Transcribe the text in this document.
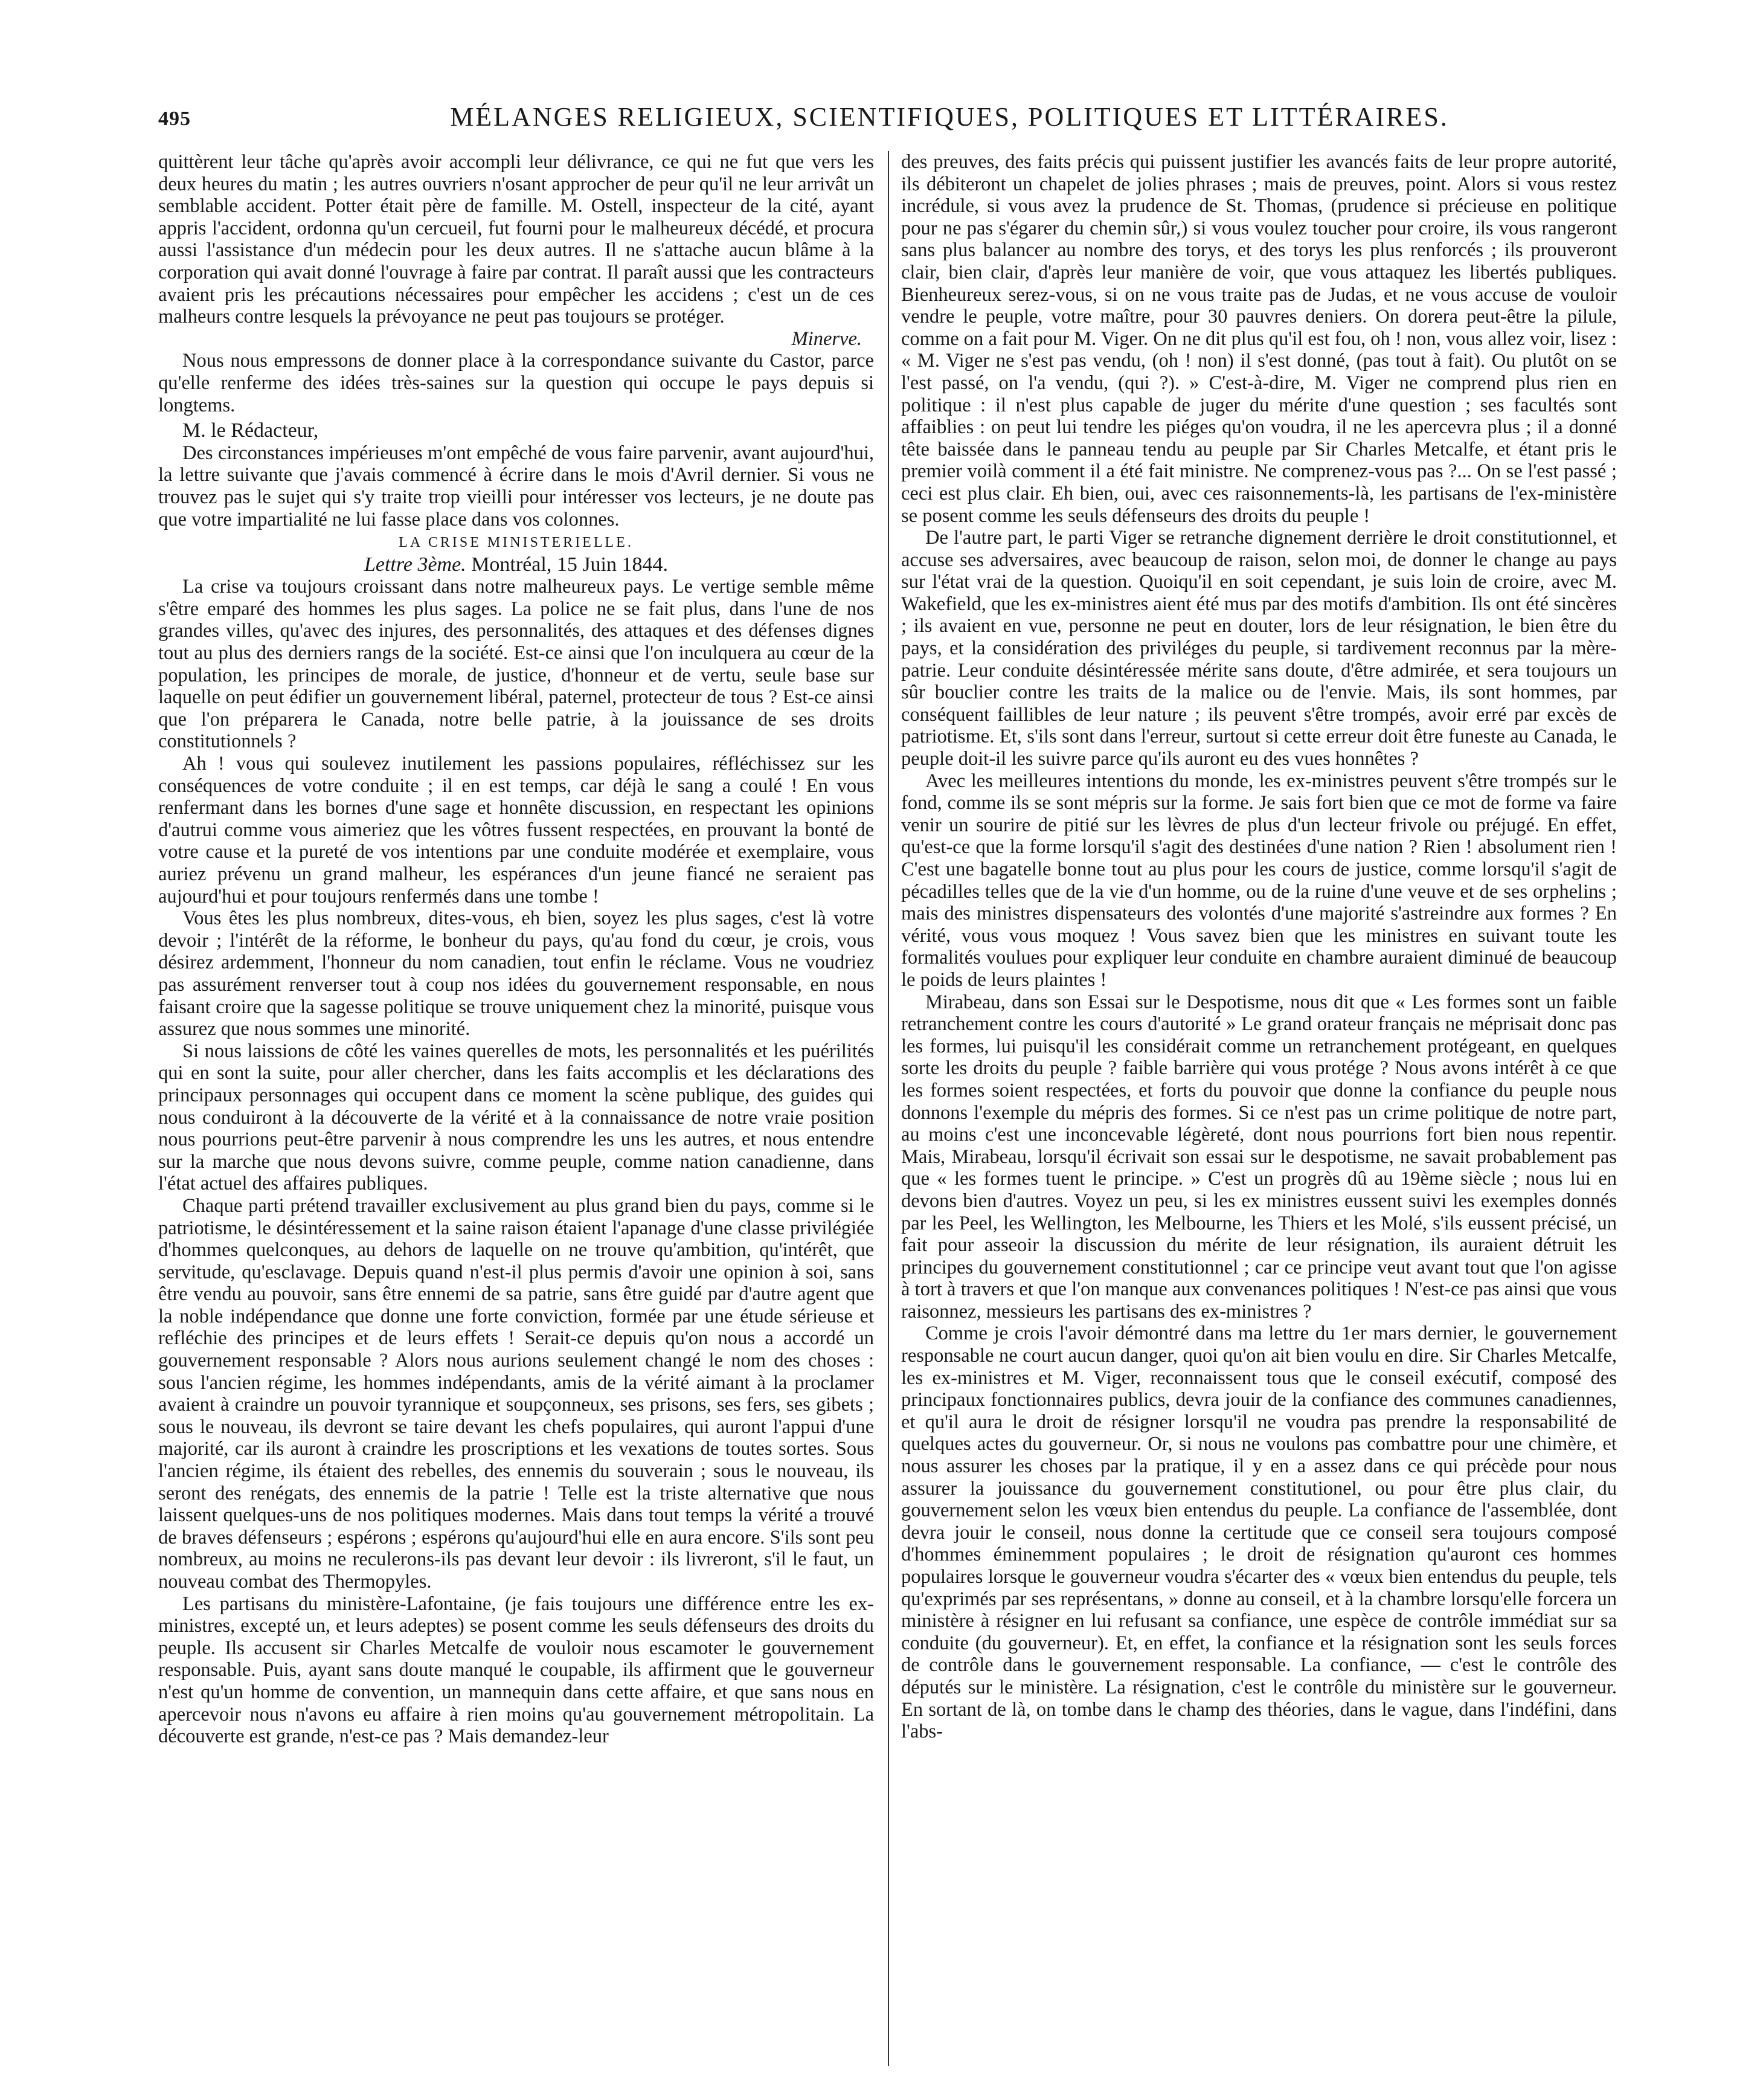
495	MÉLANGES RELIGIEUX, SCIENTIFIQUES, POLITIQUES ET LITTÉRAIRES.

quittèrent leur tâche qu'après avoir accompli leur délivrance, ce qui ne fut que vers les deux heures du matin ; les autres ouvriers n'osant approcher de peur qu'il ne leur arrivât un semblable accident. Potter était père de famille. M. Ostell, inspecteur de la cité, ayant appris l'accident, ordonna qu'un cercueil, fut fourni pour le malheureux décédé, et procura aussi l'assistance d'un médecin pour les deux autres. Il ne s'attache aucun blâme à la corporation qui avait donné l'ouvrage à faire par contrat. Il paraît aussi que les contracteurs avaient pris les précautions nécessaires pour empêcher les accidens ; c'est un de ces malheurs contre lesquels la prévoyance ne peut pas toujours se protéger.

Minerve.

Nous nous empressons de donner place à la correspondance suivante du Castor, parce qu'elle renferme des idées très-saines sur la question qui occupe le pays depuis si longtems.

M. le Rédacteur,

Des circonstances impérieuses m'ont empêché de vous faire parvenir, avant aujourd'hui, la lettre suivante que j'avais commencé à écrire dans le mois d'Avril dernier. Si vous ne trouvez pas le sujet qui s'y traite trop vieilli pour intéresser vos lecteurs, je ne doute pas que votre impartialité ne lui fasse place dans vos colonnes.

LA CRISE MINISTERIELLE.

Lettre 3ème. Montréal, 15 Juin 1844.

La crise va toujours croissant dans notre malheureux pays. Le vertige semble même s'être emparé des hommes les plus sages. La police ne se fait plus, dans l'une de nos grandes villes, qu'avec des injures, des personnalités, des attaques et des défenses dignes tout au plus des derniers rangs de la société. Est-ce ainsi que l'on inculquera au cœur de la population, les principes de morale, de justice, d'honneur et de vertu, seule base sur laquelle on peut édifier un gouvernement libéral, paternel, protecteur de tous ? Est-ce ainsi que l'on préparera le Canada, notre belle patrie, à la jouissance de ses droits constitutionnels ?

Ah ! vous qui soulevez inutilement les passions populaires, réfléchissez sur les conséquences de votre conduite ; il en est temps, car déjà le sang a coulé ! En vous renfermant dans les bornes d'une sage et honnête discussion, en respectant les opinions d'autrui comme vous aimeriez que les vôtres fussent respectées, en prouvant la bonté de votre cause et la pureté de vos intentions par une conduite modérée et exemplaire, vous auriez prévenu un grand malheur, les espérances d'un jeune fiancé ne seraient pas aujourd'hui et pour toujours renfermés dans une tombe !

Vous êtes les plus nombreux, dites-vous, eh bien, soyez les plus sages, c'est là votre devoir ; l'intérêt de la réforme, le bonheur du pays, qu'au fond du cœur, je crois, vous désirez ardemment, l'honneur du nom canadien, tout enfin le réclame. Vous ne voudriez pas assurément renverser tout à coup nos idées du gouvernement responsable, en nous faisant croire que la sagesse politique se trouve uniquement chez la minorité, puisque vous assurez que nous sommes une minorité.

Si nous laissions de côté les vaines querelles de mots, les personnalités et les puérilités qui en sont la suite, pour aller chercher, dans les faits accomplis et les déclarations des principaux personnages qui occupent dans ce moment la scène publique, des guides qui nous conduiront à la découverte de la vérité et à la connaissance de notre vraie position nous pourrions peut-être parvenir à nous comprendre les uns les autres, et nous entendre sur la marche que nous devons suivre, comme peuple, comme nation canadienne, dans l'état actuel des affaires publiques.

Chaque parti prétend travailler exclusivement au plus grand bien du pays, comme si le patriotisme, le désintéressement et la saine raison étaient l'apanage d'une classe privilégiée d'hommes quelconques, au dehors de laquelle on ne trouve qu'ambition, qu'intérêt, que servitude, qu'esclavage. Depuis quand n'est-il plus permis d'avoir une opinion à soi, sans être vendu au pouvoir, sans être ennemi de sa patrie, sans être guidé par d'autre agent que la noble indépendance que donne une forte conviction, formée par une étude sérieuse et refléchie des principes et de leurs effets ! Serait-ce depuis qu'on nous a accordé un gouvernement responsable ? Alors nous aurions seulement changé le nom des choses : sous l'ancien régime, les hommes indépendants, amis de la vérité aimant à la proclamer avaient à craindre un pouvoir tyrannique et soupçonneux, ses prisons, ses fers, ses gibets ; sous le nouveau, ils devront se taire devant les chefs populaires, qui auront l'appui d'une majorité, car ils auront à craindre les proscriptions et les vexations de toutes sortes. Sous l'ancien régime, ils étaient des rebelles, des ennemis du souverain ; sous le nouveau, ils seront des renégats, des ennemis de la patrie ! Telle est la triste alternative que nous laissent quelques-uns de nos politiques modernes. Mais dans tout temps la vérité a trouvé de braves défenseurs ; espérons ; espérons qu'aujourd'hui elle en aura encore. S'ils sont peu nombreux, au moins ne reculerons-ils pas devant leur devoir : ils livreront, s'il le faut, un nouveau combat des Thermopyles.

Les partisans du ministère-Lafontaine, (je fais toujours une différence entre les ex-ministres, excepté un, et leurs adeptes) se posent comme les seuls défenseurs des droits du peuple. Ils accusent sir Charles Metcalfe de vouloir nous escamoter le gouvernement responsable. Puis, ayant sans doute manqué le coupable, ils affirment que le gouverneur n'est qu'un homme de convention, un mannequin dans cette affaire, et que sans nous en apercevoir nous n'avons eu affaire à rien moins qu'au gouvernement métropolitain. La découverte est grande, n'est-ce pas ? Mais demandez-leur

des preuves, des faits précis qui puissent justifier les avancés faits de leur propre autorité, ils débiteront un chapelet de jolies phrases ; mais de preuves, point. Alors si vous restez incrédule, si vous avez la prudence de St. Thomas, (prudence si précieuse en politique pour ne pas s'égarer du chemin sûr,) si vous voulez toucher pour croire, ils vous rangeront sans plus balancer au nombre des torys, et des torys les plus renforcés ; ils prouveront clair, bien clair, d'après leur manière de voir, que vous attaquez les libertés publiques. Bienheureux serez-vous, si on ne vous traite pas de Judas, et ne vous accuse de vouloir vendre le peuple, votre maître, pour 30 pauvres deniers. On dorera peut-être la pilule, comme on a fait pour M. Viger. On ne dit plus qu'il est fou, oh ! non, vous allez voir, lisez : « M. Viger ne s'est pas vendu, (oh ! non) il s'est donné, (pas tout à fait). Ou plutôt on se l'est passé, on l'a vendu, (qui ?). » C'est-à-dire, M. Viger ne comprend plus rien en politique : il n'est plus capable de juger du mérite d'une question ; ses facultés sont affaiblies : on peut lui tendre les piéges qu'on voudra, il ne les apercevra plus ; il a donné tête baissée dans le panneau tendu au peuple par Sir Charles Metcalfe, et étant pris le premier voilà comment il a été fait ministre. Ne comprenez-vous pas ?... On se l'est passé ; ceci est plus clair. Eh bien, oui, avec ces raisonnements-là, les partisans de l'ex-ministère se posent comme les seuls défenseurs des droits du peuple !

De l'autre part, le parti Viger se retranche dignement derrière le droit constitutionnel, et accuse ses adversaires, avec beaucoup de raison, selon moi, de donner le change au pays sur l'état vrai de la question. Quoiqu'il en soit cependant, je suis loin de croire, avec M. Wakefield, que les ex-ministres aient été mus par des motifs d'ambition. Ils ont été sincères ; ils avaient en vue, personne ne peut en douter, lors de leur résignation, le bien être du pays, et la considération des priviléges du peuple, si tardivement reconnus par la mère-patrie. Leur conduite désintéressée mérite sans doute, d'être admirée, et sera toujours un sûr bouclier contre les traits de la malice ou de l'envie. Mais, ils sont hommes, par conséquent faillibles de leur nature ; ils peuvent s'être trompés, avoir erré par excès de patriotisme. Et, s'ils sont dans l'erreur, surtout si cette erreur doit être funeste au Canada, le peuple doit-il les suivre parce qu'ils auront eu des vues honnêtes ?

Avec les meilleures intentions du monde, les ex-ministres peuvent s'être trompés sur le fond, comme ils se sont mépris sur la forme. Je sais fort bien que ce mot de forme va faire venir un sourire de pitié sur les lèvres de plus d'un lecteur frivole ou préjugé. En effet, qu'est-ce que la forme lorsqu'il s'agit des destinées d'une nation ? Rien ! absolument rien ! C'est une bagatelle bonne tout au plus pour les cours de justice, comme lorsqu'il s'agit de pécadilles telles que de la vie d'un homme, ou de la ruine d'une veuve et de ses orphelins ; mais des ministres dispensateurs des volontés d'une majorité s'astreindre aux formes ? En vérité, vous vous moquez ! Vous savez bien que les ministres en suivant toute les formalités voulues pour expliquer leur conduite en chambre auraient diminué de beaucoup le poids de leurs plaintes !

Mirabeau, dans son Essai sur le Despotisme, nous dit que « Les formes sont un faible retranchement contre les cours d'autorité » Le grand orateur français ne méprisait donc pas les formes, lui puisqu'il les considérait comme un retranchement protégeant, en quelques sorte les droits du peuple ? faible barrière qui vous protége ? Nous avons intérêt à ce que les formes soient respectées, et forts du pouvoir que donne la confiance du peuple nous donnons l'exemple du mépris des formes. Si ce n'est pas un crime politique de notre part, au moins c'est une inconcevable légèreté, dont nous pourrions fort bien nous repentir. Mais, Mirabeau, lorsqu'il écrivait son essai sur le despotisme, ne savait probablement pas que « les formes tuent le principe. » C'est un progrès dû au 19ème siècle ; nous lui en devons bien d'autres. Voyez un peu, si les ex ministres eussent suivi les exemples donnés par les Peel, les Wellington, les Melbourne, les Thiers et les Molé, s'ils eussent précisé, un fait pour asseoir la discussion du mérite de leur résignation, ils auraient détruit les principes du gouvernement constitutionnel ; car ce principe veut avant tout que l'on agisse à tort à travers et que l'on manque aux convenances politiques ! N'est-ce pas ainsi que vous raisonnez, messieurs les partisans des ex-ministres ?

Comme je crois l'avoir démontré dans ma lettre du 1er mars dernier, le gouvernement responsable ne court aucun danger, quoi qu'on ait bien voulu en dire. Sir Charles Metcalfe, les ex-ministres et M. Viger, reconnaissent tous que le conseil exécutif, composé des principaux fonctionnaires publics, devra jouir de la confiance des communes canadiennes, et qu'il aura le droit de résigner lorsqu'il ne voudra pas prendre la responsabilité de quelques actes du gouverneur. Or, si nous ne voulons pas combattre pour une chimère, et nous assurer les choses par la pratique, il y en a assez dans ce qui précède pour nous assurer la jouissance du gouvernement constitutionel, ou pour être plus clair, du gouvernement selon les vœux bien entendus du peuple. La confiance de l'assemblée, dont devra jouir le conseil, nous donne la certitude que ce conseil sera toujours composé d'hommes éminemment populaires ; le droit de résignation qu'auront ces hommes populaires lorsque le gouverneur voudra s'écarter des « vœux bien entendus du peuple, tels qu'exprimés par ses représentans, » donne au conseil, et à la chambre lorsqu'elle forcera un ministère à résigner en lui refusant sa confiance, une espèce de contrôle immédiat sur sa conduite (du gouverneur). Et, en effet, la confiance et la résignation sont les seuls forces de contrôle dans le gouvernement responsable. La confiance, — c'est le contrôle des députés sur le ministère. La résignation, c'est le contrôle du ministère sur le gouverneur. En sortant de là, on tombe dans le champ des théories, dans le vague, dans l'indéfini, dans l'abs-
